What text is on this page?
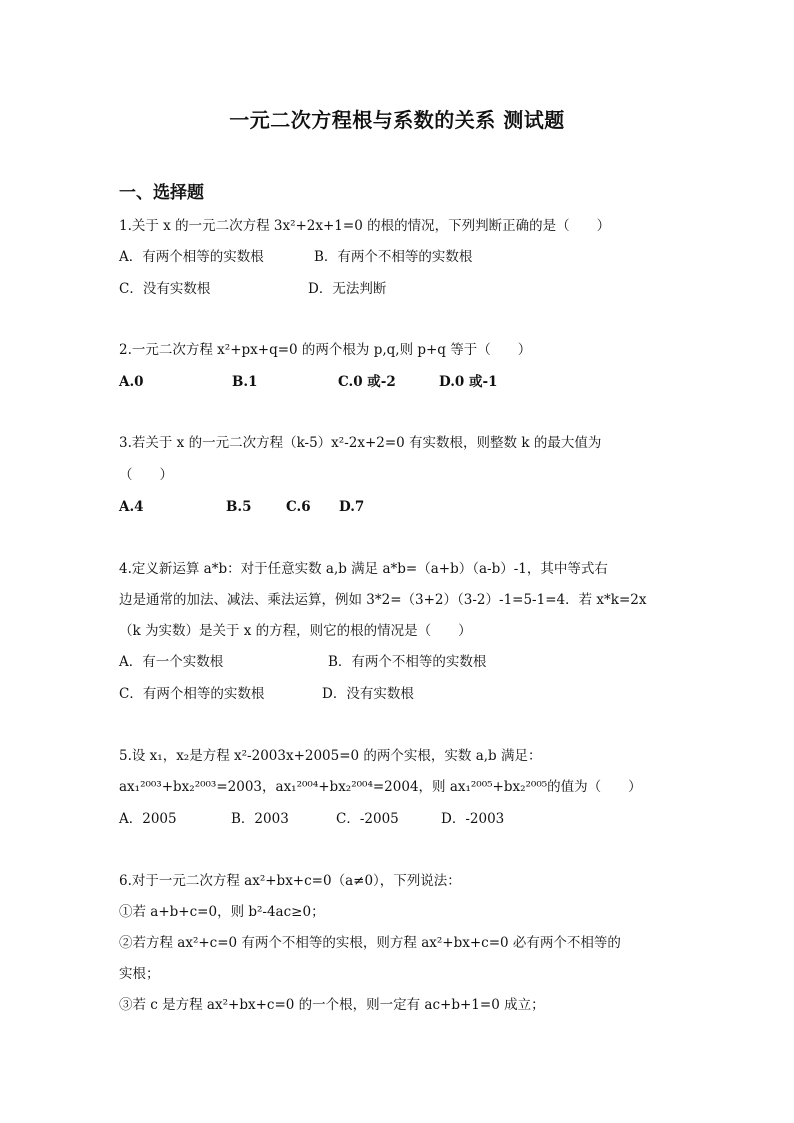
一元二次方程根与系数的关系 测试题
一、选择题
1.关于 x 的一元二次方程 3x²+2x+1=0 的根的情况，下列判断正确的是（　　）
A．有两个相等的实数根	B．有两个不相等的实数根
C．没有实数根	D．无法判断
2.一元二次方程 x²+px+q=0 的两个根为 p,q,则 p+q 等于（　　）
A.0	B.1	C.0 或-2	D.0 或-1
3.若关于 x 的一元二次方程（k-5）x²-2x+2=0 有实数根，则整数 k 的最大值为
（　　）
A.4	B.5	C.6 D.7
4.定义新运算 a*b：对于任意实数 a,b 满足 a*b=（a+b）（a-b）-1，其中等式右
边是通常的加法、减法、乘法运算，例如 3*2=（3+2）（3-2）-1=5-1=4．若 x*k=2x
（k 为实数）是关于 x 的方程，则它的根的情况是（　　）
A．有一个实数根	B．有两个不相等的实数根
C．有两个相等的实数根	D．没有实数根
5.设 x₁，x₂是方程 x²-2003x+2005=0 的两个实根，实数 a,b 满足：
ax₁²⁰⁰³+bx₂²⁰⁰³=2003，ax₁²⁰⁰⁴+bx₂²⁰⁰⁴=2004，则 ax₁²⁰⁰⁵+bx₂²⁰⁰⁵的值为（　　）
A．2005	B．2003	C．-2005	D．-2003
6.对于一元二次方程 ax²+bx+c=0（a≠0），下列说法：
①若 a+b+c=0，则 b²-4ac≥0；
②若方程 ax²+c=0 有两个不相等的实根，则方程 ax²+bx+c=0 必有两个不相等的
实根；
③若 c 是方程 ax²+bx+c=0 的一个根，则一定有 ac+b+1=0 成立；
